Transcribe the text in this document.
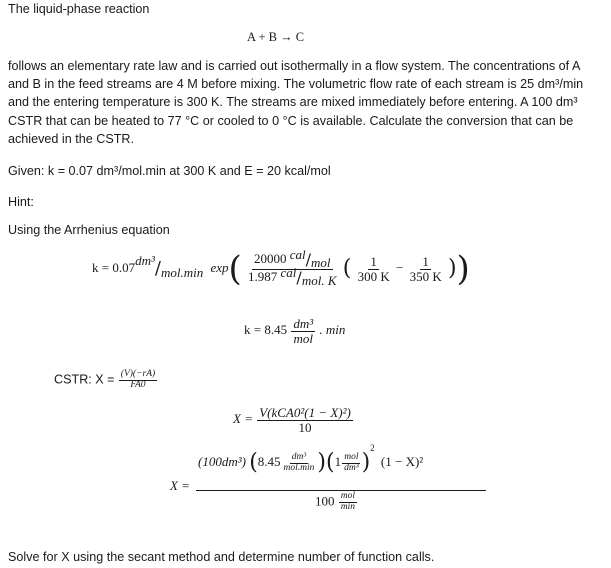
The liquid-phase reaction
A + B → C
follows an elementary rate law and is carried out isothermally in a flow system. The concentrations of A and B in the feed streams are 4 M before mixing. The volumetric flow rate of each stream is 25 dm³/min and the entering temperature is 300 K. The streams are mixed immediately before entering. A 100 dm³ CSTR that can be heated to 77 °C or cooled to 0 °C is available. Calculate the conversion that can be achieved in the CSTR.
Given: k = 0.07 dm³/mol.min at 300 K and E = 20 kcal/mol
Hint:
Using the Arrhenius equation
k = 0.07dm³/mol.min $\exp( \frac{\text{20000 cal/mol}}{\text{1.987 cal/mol. K}}$ ( $\frac{1}{300 K} - \frac{1}{350 K}$ ))
$k = 8.45 \frac{\text{dm³}}{\text{mol}}$ . min
CSTR: $X = \frac{(V)(-rA)}{FA0}$
$X = \frac{\text{V(kCA0²(1 − X)²)}}{10}$
X =
(100dm³) $(8.45 \frac{\text{dm³}}{\text{mol.min}} )(1 \frac{\text{mol}}{\text{dm³}} )^2$ (1 − X)²
$100 \frac{\text{mol}}{\min}$
Solve for X using the secant method and determine number of function calls.
